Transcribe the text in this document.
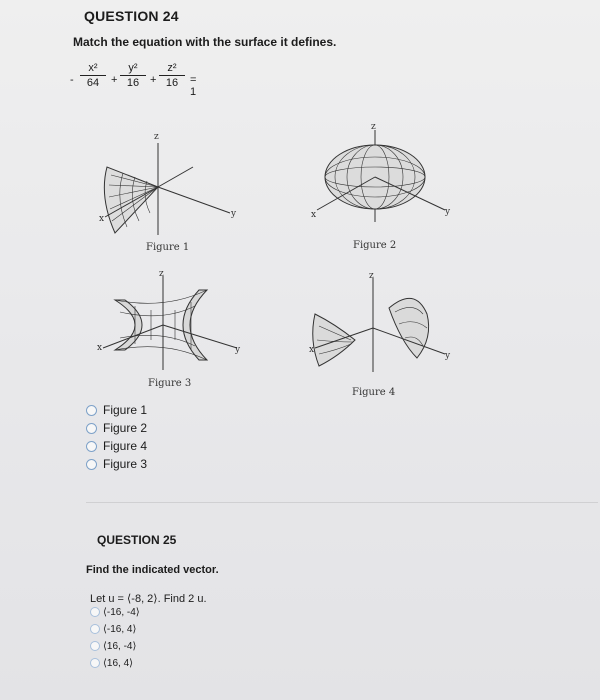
QUESTION 24
Match the equation with the surface it defines.
- $\frac{\text{x²}}{64} + \frac{\text{y²}}{16} + \frac{\text{z²}}{16} = 1$
z
y
x
Figure 1
z
y
x
Figure 2
z
y
x
Figure 3
z
y
x
Figure 4
Figure 1
Figure 2
Figure 4
Figure 3
QUESTION 25
Find the indicated vector.
Let u = ⟨-8, 2⟩. Find 2 u.
⟨-16, -4⟩
⟨-16, 4⟩
⟨16, -4⟩
⟨16, 4⟩
